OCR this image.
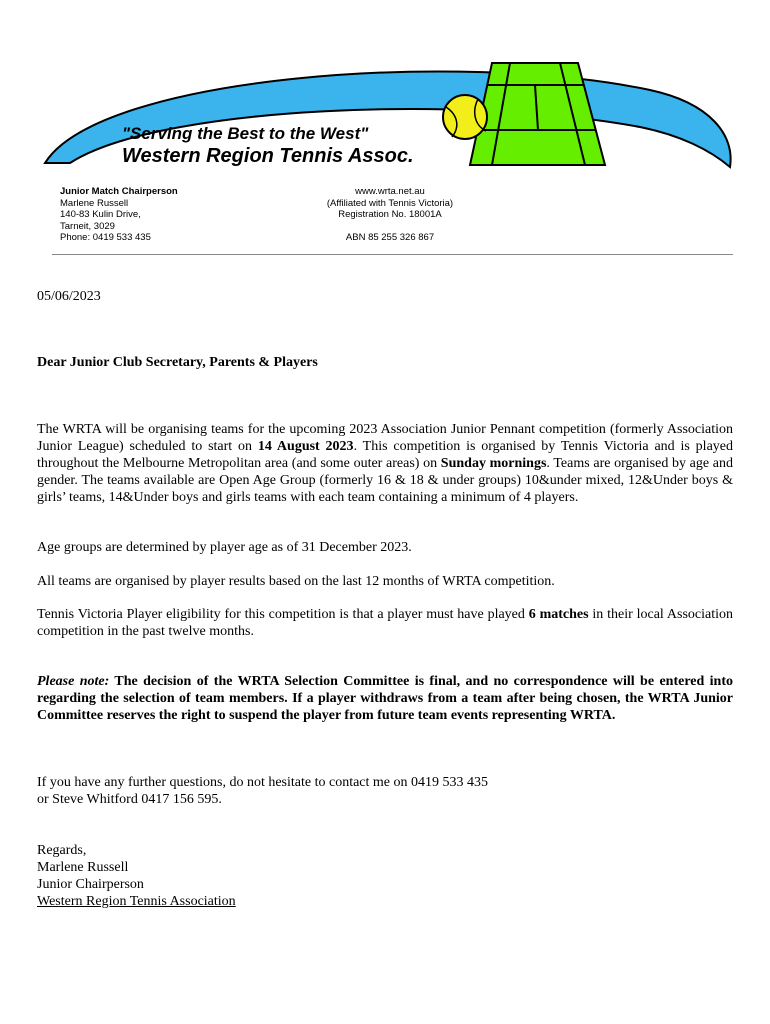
"Serving the Best to the West"
Western Region Tennis Assoc.
Junior Match Chairperson
Marlene Russell
140-83 Kulin Drive,
Tarneit, 3029
Phone: 0419 533 435
www.wrta.net.au
(Affiliated with Tennis Victoria)
Registration No. 18001A
ABN 85 255 326 867
05/06/2023
Dear Junior Club Secretary, Parents & Players
The WRTA will be organising teams for the upcoming 2023 Association Junior Pennant competition (formerly Association Junior League) scheduled to start on 14 August 2023. This competition is organised by Tennis Victoria and is played throughout the Melbourne Metropolitan area (and some outer areas) on Sunday mornings. Teams are organised by age and gender. The teams available are Open Age Group (formerly 16 & 18 & under groups) 10&under mixed, 12&Under boys & girls’ teams, 14&Under boys and girls teams with each team containing a minimum of 4 players.
Age groups are determined by player age as of 31 December 2023.
All teams are organised by player results based on the last 12 months of WRTA competition.
Tennis Victoria Player eligibility for this competition is that a player must have played 6 matches in their local Association competition in the past twelve months.
Please note: The decision of the WRTA Selection Committee is final, and no correspondence will be entered into regarding the selection of team members. If a player withdraws from a team after being chosen, the WRTA Junior Committee reserves the right to suspend the player from future team events representing WRTA.
If you have any further questions, do not hesitate to contact me on 0419 533 435
or Steve Whitford 0417 156 595.
Regards,
Marlene Russell
Junior Chairperson
Western Region Tennis Association
